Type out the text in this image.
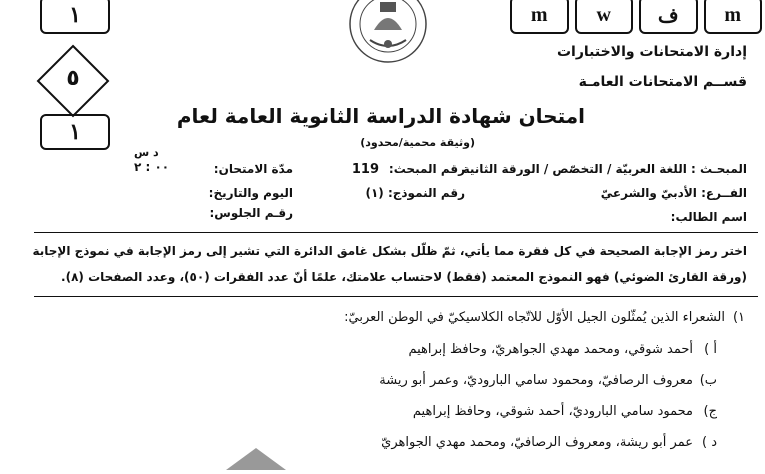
١
٥
١
m	w	ف	m
إدارة الامتحانات والاختبارات
قســم الامتحانات العامـة
امتحان شهادة الدراسة الثانوية العامة لعام
(وثيقة محمية/محدود)
المبحـث : اللغة العربيّة / التخصّص / الورقة الثانية
رقم المبحث:
119
د س
مدّة الامتحان:
٠٠ : ٢
الفــرع: الأدبيّ والشرعيّ
رقم النموذج: (١)
اليوم والتاريخ:
اسم الطالب:
رقـم الجلوس:
اختر رمز الإجابة الصحيحة في كل فقرة مما يأتي، ثمّ ظلّل بشكل غامق الدائرة التي تشير إلى رمز الإجابة في نموذج الإجابة (ورقة القارئ الضوئي) فهو النموذج المعتمد (فقط) لاحتساب علامتك، علمًا أنّ عدد الفقرات (٥٠)، وعدد الصفحات (٨).
١)
الشعراء الذين يُمثّلون الجيل الأوّل للاتّجاه الكلاسيكيّ في الوطن العربيّ:
أ )
أحمد شوقي، ومحمد مهدي الجواهريّ، وحافظ إبراهيم
ب)
معروف الرصافيّ، ومحمود سامي الباروديّ، وعمر أبو ريشة
ج)
محمود سامي الباروديّ، أحمد شوقي، وحافظ إبراهيم
د )
عمر أبو ريشة، ومعروف الرصافيّ، ومحمد مهدي الجواهريّ
